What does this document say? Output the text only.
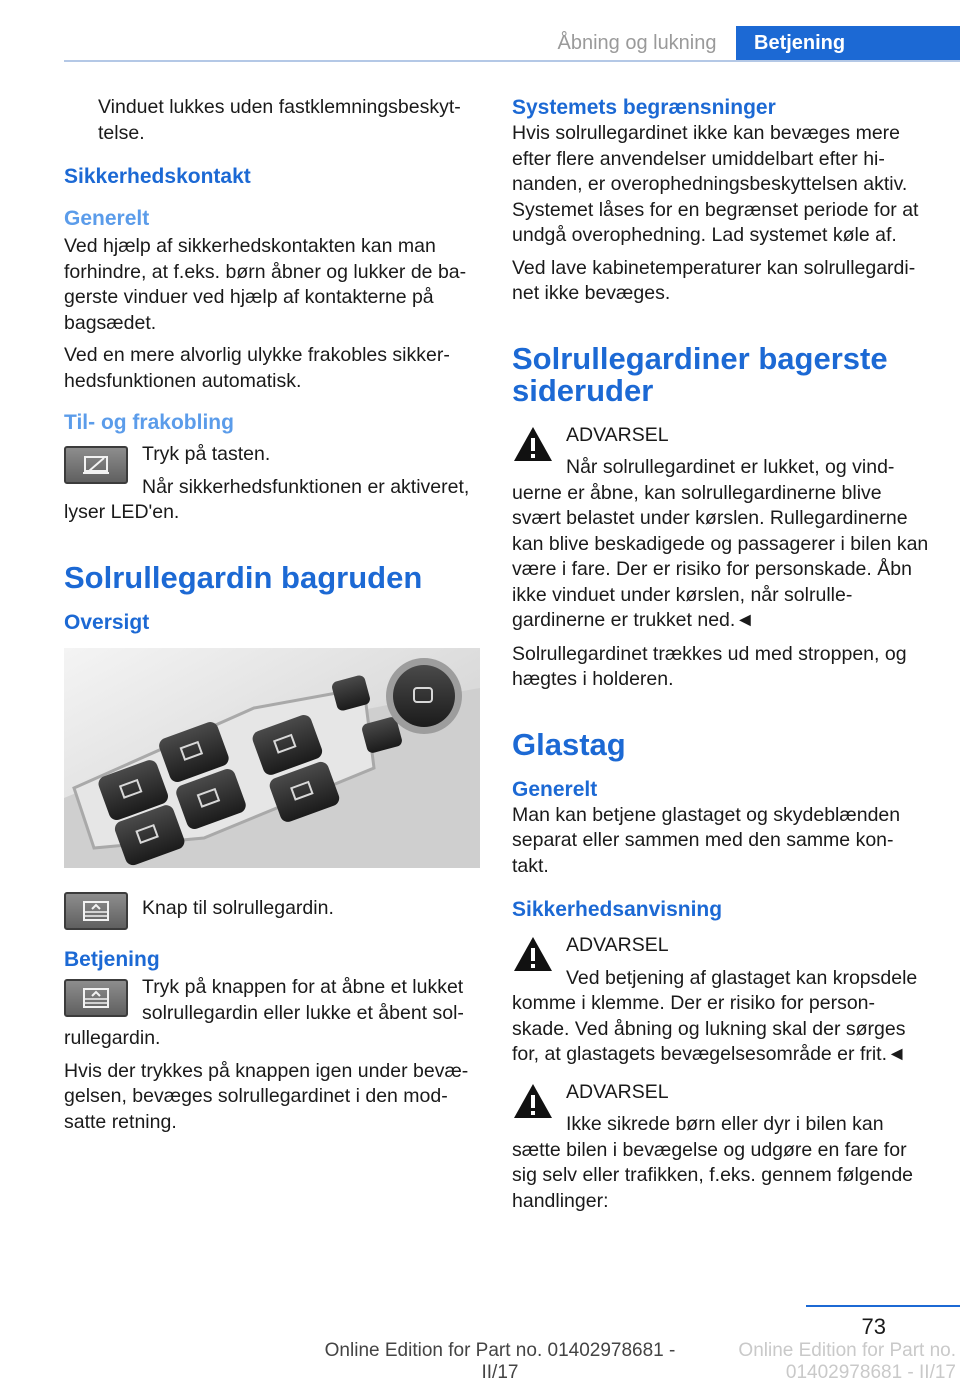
Åbning og lukning	Betjening

Vinduet lukkes uden fastklemningsbeskyt-telse.

Sikkerhedskontakt
Generelt

Ved hjælp af sikkerhedskontakten kan man forhindre, at f.eks. børn åbner og lukker de ba-gerste vinduer ved hjælp af kontakterne på bagsædet.

Ved en mere alvorlig ulykke frakobles sikker-hedsfunktionen automatisk.

Til- og frakobling

Tryk på tasten.

Når sikkerhedsfunktionen er aktiveret, lyser LED'en.

Solrullegardin bagruden
Oversigt

Knap til solrullegardin.

Betjening

Tryk på knappen for at åbne et lukket solrullegardin eller lukke et åbent sol-rullegardin.

Hvis der trykkes på knappen igen under bevæ-gelsen, bevæges solrullegardinet i den mod-satte retning.

Systemets begrænsninger

Hvis solrullegardinet ikke kan bevæges mere efter flere anvendelser umiddelbart efter hi-nanden, er overophedningsbeskyttelsen aktiv. Systemet låses for en begrænset periode for at undgå overophedning. Lad systemet køle af.

Ved lave kabinetemperaturer kan solrullegardi-net ikke bevæges.

Solrullegardiner bagerste sideruder

ADVARSEL

Når solrullegardinet er lukket, og vind-uerne er åbne, kan solrullegardinerne blive svært belastet under kørslen. Rullegardinerne kan blive beskadigede og passagerer i bilen kan være i fare. Der er risiko for personskade. Åbn ikke vinduet under kørslen, når solrulle-gardinerne er trukket ned.◄

Solrullegardinet trækkes ud med stroppen, og hægtes i holderen.

Glastag
Generelt

Man kan betjene glastaget og skydeblænden separat eller sammen med den samme kon-takt.

Sikkerhedsanvisning

ADVARSEL

Ved betjening af glastaget kan kropsdele komme i klemme. Der er risiko for person-skade. Ved åbning og lukning skal der sørges for, at glastagets bevægelsesområde er frit.◄

ADVARSEL

Ikke sikrede børn eller dyr i bilen kan sætte bilen i bevægelse og udgøre en fare for sig selv eller trafikken, f.eks. gennem følgende handlinger:

73
Online Edition for Part no. 01402978681 - II/17
Online Edition for Part no. 01402978681 - II/17
